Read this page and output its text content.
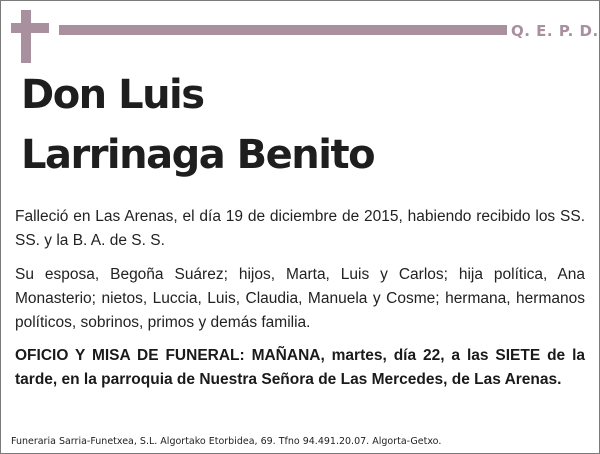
Q. E. P. D.
Don Luis
Larrinaga Benito
Falleció en Las Arenas, el día 19 de diciembre de 2015, habiendo recibido los SS. SS. y la B. A. de S. S.
Su esposa, Begoña Suárez; hijos, Marta, Luis y Carlos; hija política, Ana Monasterio; nietos, Luccia, Luis, Claudia, Manuela y Cosme; hermana, hermanos políticos, sobrinos, primos y demás familia.
OFICIO Y MISA DE FUNERAL: MAÑANA, martes, día 22, a las SIETE de la tarde, en la parroquia de Nuestra Señora de Las Mercedes, de Las Arenas.
Funeraria Sarria-Funetxea, S.L. Algortako Etorbidea, 69. Tfno 94.491.20.07. Algorta-Getxo.
